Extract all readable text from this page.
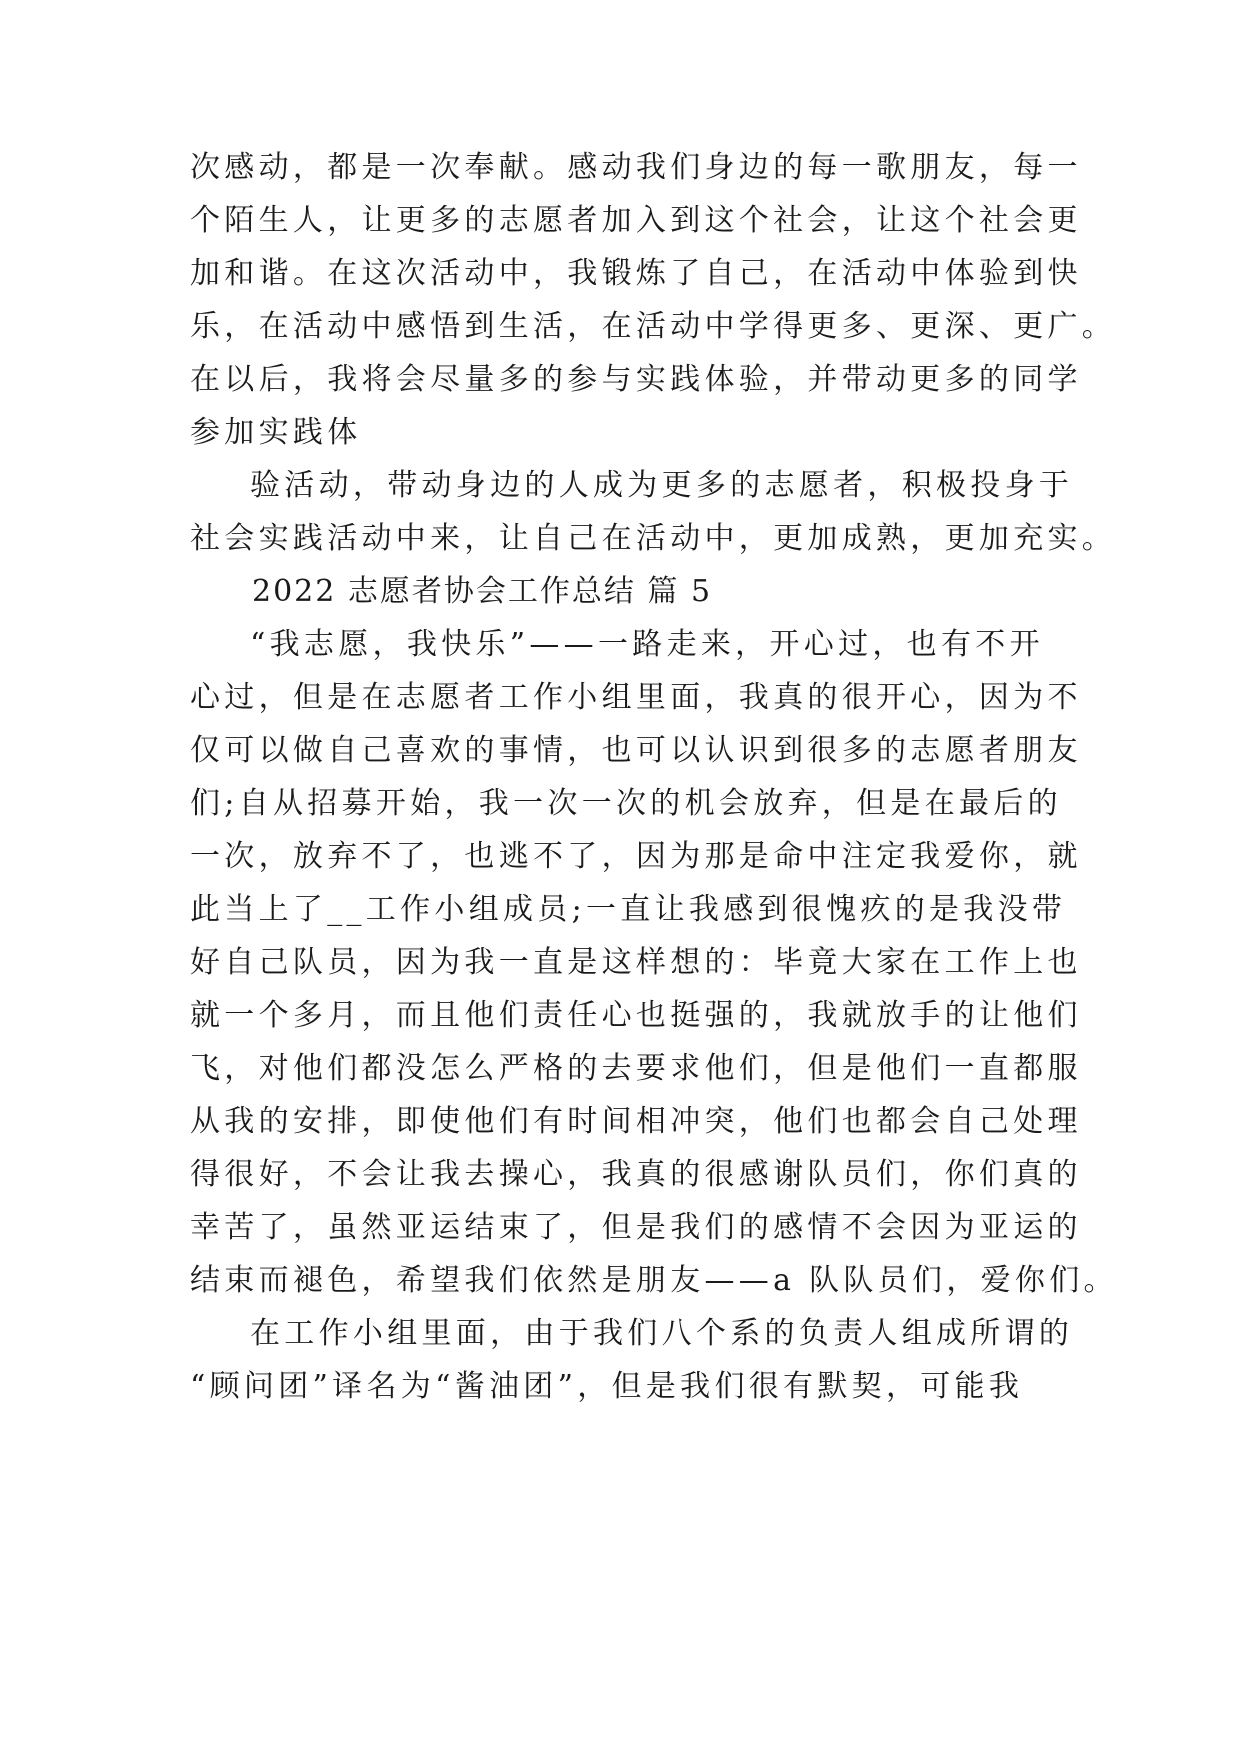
次感动，都是一次奉献。感动我们身边的每一歌朋友，每一
个陌生人，让更多的志愿者加入到这个社会，让这个社会更
加和谐。在这次活动中，我锻炼了自己，在活动中体验到快
乐，在活动中感悟到生活，在活动中学得更多、更深、更广。
在以后，我将会尽量多的参与实践体验，并带动更多的同学
参加实践体
验活动，带动身边的人成为更多的志愿者，积极投身于
社会实践活动中来，让自己在活动中，更加成熟，更加充实。
2022 志愿者协会工作总结 篇 5
“我志愿，我快乐”——一路走来，开心过，也有不开
心过，但是在志愿者工作小组里面，我真的很开心，因为不
仅可以做自己喜欢的事情，也可以认识到很多的志愿者朋友
们;自从招募开始，我一次一次的机会放弃，但是在最后的
一次，放弃不了，也逃不了，因为那是命中注定我爱你，就
此当上了__工作小组成员;一直让我感到很愧疚的是我没带
好自己队员，因为我一直是这样想的：毕竟大家在工作上也
就一个多月，而且他们责任心也挺强的，我就放手的让他们
飞，对他们都没怎么严格的去要求他们，但是他们一直都服
从我的安排，即使他们有时间相冲突，他们也都会自己处理
得很好，不会让我去操心，我真的很感谢队员们，你们真的
幸苦了，虽然亚运结束了，但是我们的感情不会因为亚运的
结束而褪色，希望我们依然是朋友——a 队队员们，爱你们。
在工作小组里面，由于我们八个系的负责人组成所谓的
“顾问团”译名为“酱油团”，但是我们很有默契，可能我
